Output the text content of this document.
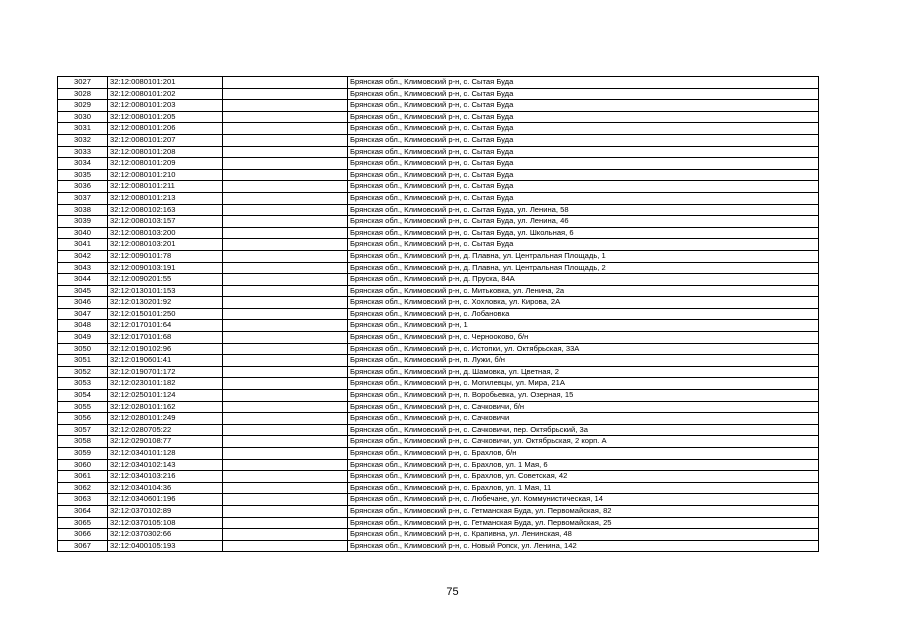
3027	32:12:0080101:201		Брянская обл., Климовский р-н, с. Сытая Буда
3028	32:12:0080101:202		Брянская обл., Климовский р-н, с. Сытая Буда
3029	32:12:0080101:203		Брянская обл., Климовский р-н, с. Сытая Буда
3030	32:12:0080101:205		Брянская обл., Климовский р-н, с. Сытая Буда
3031	32:12:0080101:206		Брянская обл., Климовский р-н, с. Сытая Буда
3032	32:12:0080101:207		Брянская обл., Климовский р-н, с. Сытая Буда
3033	32:12:0080101:208		Брянская обл., Климовский р-н, с. Сытая Буда
3034	32:12:0080101:209		Брянская обл., Климовский р-н, с. Сытая Буда
3035	32:12:0080101:210		Брянская обл., Климовский р-н, с. Сытая Буда
3036	32:12:0080101:211		Брянская обл., Климовский р-н, с. Сытая Буда
3037	32:12:0080101:213		Брянская обл., Климовский р-н, с. Сытая Буда
3038	32:12:0080102:163		Брянская обл., Климовский р-н, с. Сытая Буда, ул. Ленина, 58
3039	32:12:0080103:157		Брянская обл., Климовский р-н, с. Сытая Буда, ул. Ленина, 46
3040	32:12:0080103:200		Брянская обл., Климовский р-н, с. Сытая Буда, ул. Школьная, 6
3041	32:12:0080103:201		Брянская обл., Климовский р-н, с. Сытая Буда
3042	32:12:0090101:78		Брянская обл., Климовский р-н, д. Плавна, ул. Центральная Площадь, 1
3043	32:12:0090103:191		Брянская обл., Климовский р-н, д. Плавна, ул. Центральная Площадь, 2
3044	32:12:0090201:55		Брянская обл., Климовский р-н, д. Пруска, 84А
3045	32:12:0130101:153		Брянская обл., Климовский р-н, с. Митьковка, ул. Ленина, 2а
3046	32:12:0130201:92		Брянская обл., Климовский р-н, с. Хохловка, ул. Кирова, 2А
3047	32:12:0150101:250		Брянская обл., Климовский р-н, с. Лобановка
3048	32:12:0170101:64		Брянская обл., Климовский р-н, 1
3049	32:12:0170101:68		Брянская обл., Климовский р-н, с. Чернооково, б/н
3050	32:12:0190102:96		Брянская обл., Климовский р-н, с. Истопки, ул. Октябрьская, 33А
3051	32:12:0190601:41		Брянская обл., Климовский р-н, п. Лужи, б/н
3052	32:12:0190701:172		Брянская обл., Климовский р-н, д. Шамовка, ул. Цветная, 2
3053	32:12:0230101:182		Брянская обл., Климовский р-н, с. Могилевцы, ул. Мира, 21А
3054	32:12:0250101:124		Брянская обл., Климовский р-н, п. Воробьевка, ул. Озерная, 15
3055	32:12:0280101:162		Брянская обл., Климовский р-н, с. Сачковичи, б/н
3056	32:12:0280101:249		Брянская обл., Климовский р-н, с. Сачковичи
3057	32:12:0280705:22		Брянская обл., Климовский р-н, с. Сачковичи, пер. Октябрьский, 3а
3058	32:12:0290108:77		Брянская обл., Климовский р-н, с. Сачковичи, ул. Октябрьская, 2 корп. А
3059	32:12:0340101:128		Брянская обл., Климовский р-н, с. Брахлов, б/н
3060	32:12:0340102:143		Брянская обл., Климовский р-н, с. Брахлов, ул. 1 Мая, 6
3061	32:12:0340103:216		Брянская обл., Климовский р-н, с. Брахлов, ул. Советская, 42
3062	32:12:0340104:36		Брянская обл., Климовский р-н, с. Брахлов, ул. 1 Мая, 11
3063	32:12:0340601:196		Брянская обл., Климовский р-н, с. Любечане, ул. Коммунистическая, 14
3064	32:12:0370102:89		Брянская обл., Климовский р-н, с. Гетманская Буда, ул. Первомайская, 82
3065	32:12:0370105:108		Брянская обл., Климовский р-н, с. Гетманская Буда, ул. Первомайская, 25
3066	32:12:0370302:66		Брянская обл., Климовский р-н, с. Крапивна, ул. Ленинская, 48
3067	32:12:0400105:193		Брянская обл., Климовский р-н, с. Новый Ропск, ул. Ленина, 142
75
